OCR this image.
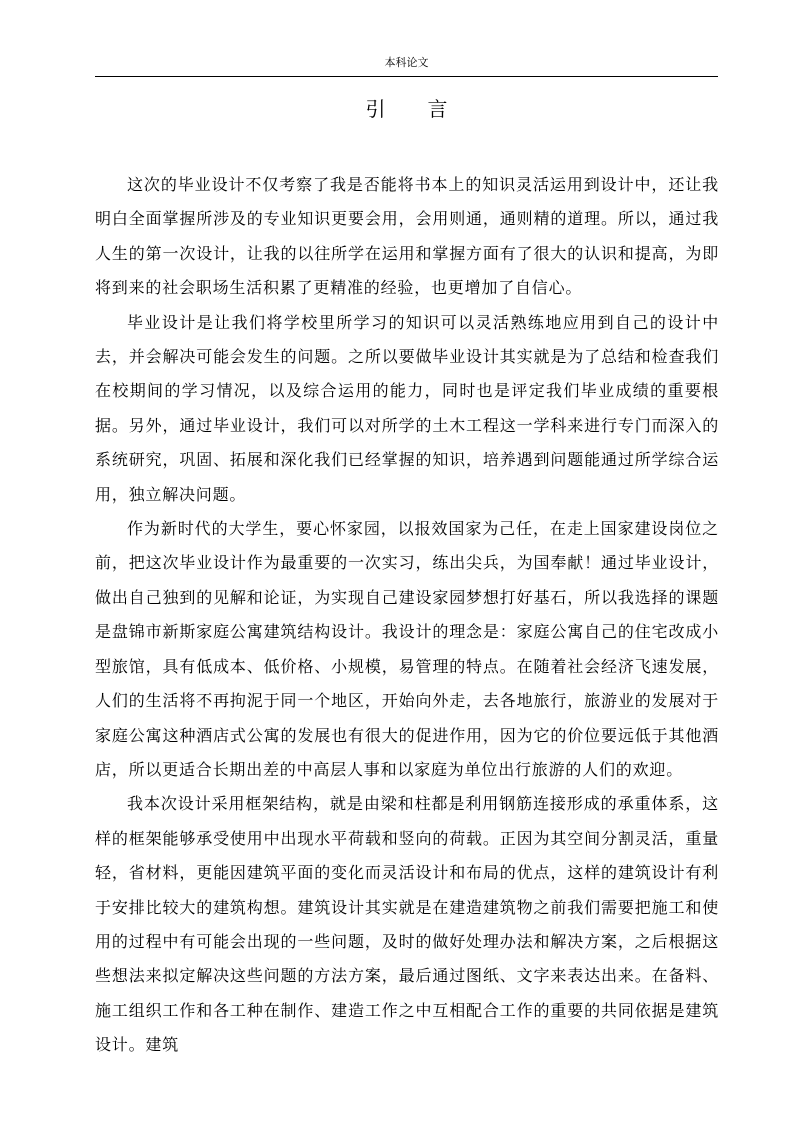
本科论文
引言

这次的毕业设计不仅考察了我是否能将书本上的知识灵活运用到设计中，还让我明白全面掌握所涉及的专业知识更要会用，会用则通，通则精的道理。所以，通过我人生的第一次设计，让我的以往所学在运用和掌握方面有了很大的认识和提高，为即将到来的社会职场生活积累了更精准的经验，也更增加了自信心。

毕业设计是让我们将学校里所学习的知识可以灵活熟练地应用到自己的设计中去，并会解决可能会发生的问题。之所以要做毕业设计其实就是为了总结和检查我们在校期间的学习情况，以及综合运用的能力，同时也是评定我们毕业成绩的重要根据。另外，通过毕业设计，我们可以对所学的土木工程这一学科来进行专门而深入的系统研究，巩固、拓展和深化我们已经掌握的知识，培养遇到问题能通过所学综合运用，独立解决问题。

作为新时代的大学生，要心怀家园，以报效国家为己任，在走上国家建设岗位之前，把这次毕业设计作为最重要的一次实习，练出尖兵，为国奉献！通过毕业设计，做出自己独到的见解和论证，为实现自己建设家园梦想打好基石，所以我选择的课题是盘锦市新斯家庭公寓建筑结构设计。我设计的理念是：家庭公寓自己的住宅改成小型旅馆，具有低成本、低价格、小规模，易管理的特点。在随着社会经济飞速发展，人们的生活将不再拘泥于同一个地区，开始向外走，去各地旅行，旅游业的发展对于家庭公寓这种酒店式公寓的发展也有很大的促进作用，因为它的价位要远低于其他酒店，所以更适合长期出差的中高层人事和以家庭为单位出行旅游的人们的欢迎。

我本次设计采用框架结构，就是由梁和柱都是利用钢筋连接形成的承重体系，这样的框架能够承受使用中出现水平荷载和竖向的荷载。正因为其空间分割灵活，重量轻，省材料，更能因建筑平面的变化而灵活设计和布局的优点，这样的建筑设计有利于安排比较大的建筑构想。建筑设计其实就是在建造建筑物之前我们需要把施工和使用的过程中有可能会出现的一些问题，及时的做好处理办法和解决方案，之后根据这些想法来拟定解决这些问题的方法方案，最后通过图纸、文字来表达出来。在备料、施工组织工作和各工种在制作、建造工作之中互相配合工作的重要的共同依据是建筑设计。建筑
